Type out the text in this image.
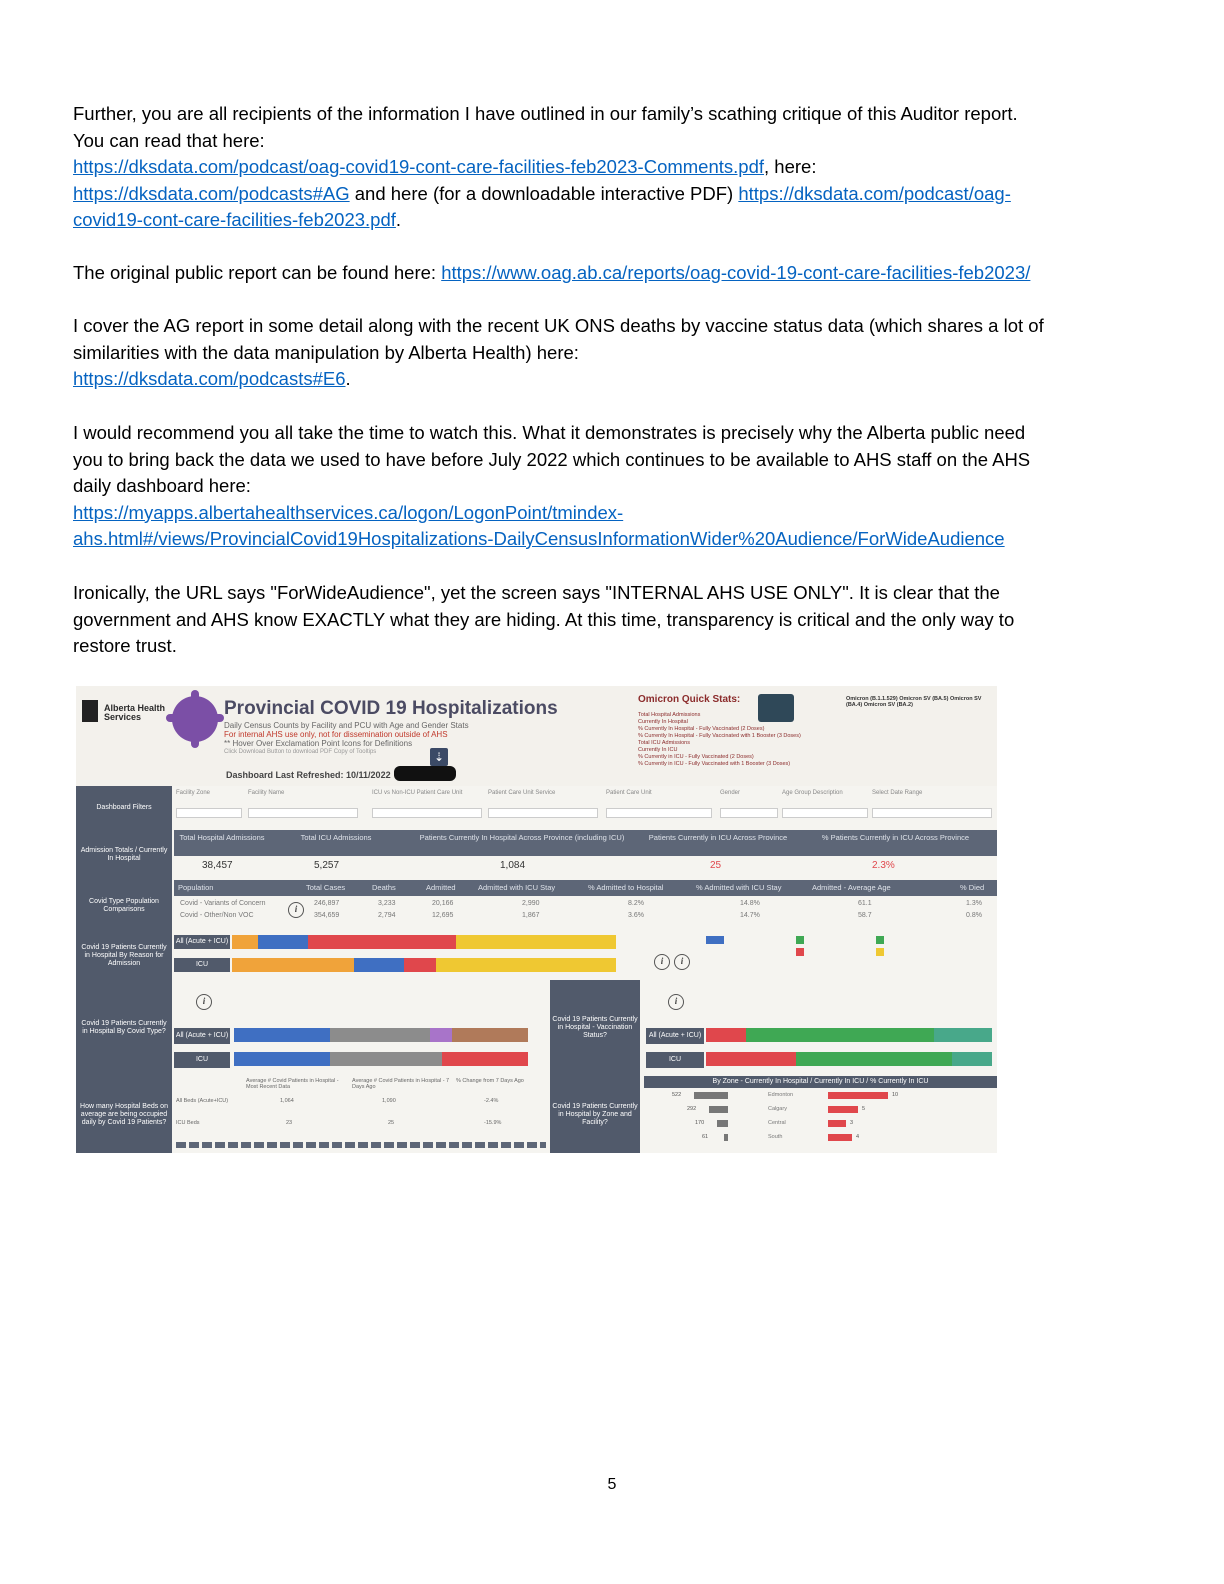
Further, you are all recipients of the information I have outlined in our family’s scathing critique of this Auditor report.

You can read that here:

https://dksdata.com/podcast/oag-covid19-cont-care-facilities-feb2023-Comments.pdf, here:

https://dksdata.com/podcasts#AG and here (for a downloadable interactive PDF) https://dksdata.com/podcast/oag-

covid19-cont-care-facilities-feb2023.pdf.

The original public report can be found here: https://www.oag.ab.ca/reports/oag-covid-19-cont-care-facilities-feb2023/

I cover the AG report in some detail along with the recent UK ONS deaths by vaccine status data (which shares a lot of

similarities with the data manipulation by Alberta Health) here:

https://dksdata.com/podcasts#E6.

I would recommend you all take the time to watch this. What it demonstrates is precisely why the Alberta public need

you to bring back the data we used to have before July 2022 which continues to be available to AHS staff on the AHS

daily dashboard here:

https://myapps.albertahealthservices.ca/logon/LogonPoint/tmindex-

ahs.html#/views/ProvincialCovid19Hospitalizations-DailyCensusInformationWider%20Audience/ForWideAudience

Ironically, the URL says "ForWideAudience", yet the screen says "INTERNAL AHS USE ONLY". It is clear that the

government and AHS know EXACTLY what they are hiding. At this time, transparency is critical and the only way to

restore trust.

Alberta Health Services	Provincial COVID 19 Hospitalizations
Daily Census Counts by Facility and PCU with Age and Gender Stats
For internal AHS use only, not for dissemination outside of AHS
** Hover Over Exclamation Point Icons for Definitions
Click Download Button to download PDF Copy of Tooltips	⇣
Dashboard Last Refreshed: 10/11/2022
Omicron Quick Stats:	Omicron (B.1.1.529) Omicron SV (BA.5) Omicron SV (BA.4) Omicron SV (BA.2)
Total Hospital Admissions
Currently In Hospital
% Currently In Hospital - Fully Vaccinated (2 Doses)
% Currently In Hospital - Fully Vaccinated with 1 Booster (3 Doses)
Total ICU Admissions
Currently In ICU
% Currently in ICU - Fully Vaccinated (2 Doses)
% Currently in ICU - Fully Vaccinated with 1 Booster (3 Doses)
Dashboard Filters
Facility Zone	Facility Name	ICU vs Non-ICU Patient Care Unit	Patient Care Unit Service	Patient Care Unit	Gender	Age Group Description	Select Date Range
Admission Totals / Currently In Hospital
Total Hospital Admissions	Total ICU Admissions	Patients Currently In Hospital Across Province (including ICU)	Patients Currently in ICU Across Province	% Patients Currently in ICU Across Province
38,457	5,257	1,084	25	2.3%
Covid Type Population Comparisons
Population	Total Cases	Deaths	Admitted	Admitted with ICU Stay	% Admitted to Hospital	% Admitted with ICU Stay	Admitted - Average Age	% Died
i
Covid - Variants of Concern	246,897	3,233	20,166	2,990	8.2%	14.8%	61.1	1.3%
Covid - Other/Non VOC	354,659	2,794	12,695	1,867	3.6%	14.7%	58.7	0.8%
Covid 19 Patients Currently in Hospital By Reason for Admission
All (Acute + ICU)
ICU	i	i
Covid 19 Patients Currently in Hospital By Covid Type?
i
All (Acute + ICU)
ICU
Covid 19 Patients Currently in Hospital - Vaccination Status?
i
All (Acute + ICU)
ICU
How many Hospital Beds on average are being occupied daily by Covid 19 Patients?
Average # Covid Patients in Hospital - Most Recent Data
Average # Covid Patients in Hospital - 7 Days Ago
% Change from 7 Days Ago
All Beds (Acute+ICU)	1,064	1,090	-2.4%
ICU Beds	23	25	-15.9%
Covid 19 Patients Currently in Hospital by Zone and Facility?
By Zone - Currently In Hospital / Currently In ICU / % Currently In ICU
522	Edmonton	10
292	Calgary	5
170	Central	3
61	South	4
5
